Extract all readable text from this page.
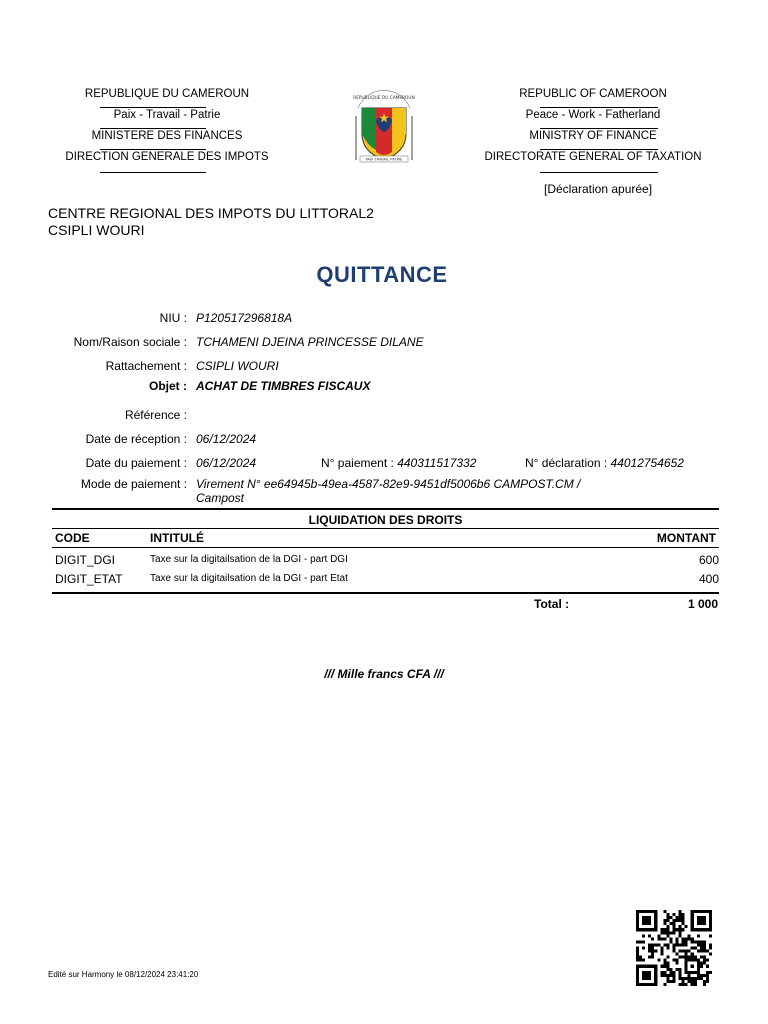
REPUBLIQUE DU CAMEROUN
Paix - Travail - Patrie
MINISTERE DES FINANCES
DIRECTION GENERALE DES IMPOTS
REPUBLIQUE DU CAMEROUN
PAIX TRAVAIL PATRIE
REPUBLIC OF CAMEROON
Peace - Work - Fatherland
MINISTRY OF FINANCE
DIRECTORATE GENERAL OF TAXATION
[Déclaration apurée]
CENTRE REGIONAL DES IMPOTS DU LITTORAL2
CSIPLI WOURI
QUITTANCE
NIU : P120517296818A
Nom/Raison sociale : TCHAMENI DJEINA PRINCESSE DILANE
Rattachement : CSIPLI WOURI
Objet : ACHAT DE TIMBRES FISCAUX
Référence :
Date de réception : 06/12/2024
Date du paiement : 06/12/2024	N° paiement : 440311517332	N° déclaration : 44012754652
Mode de paiement : Virement N° ee64945b-49ea-4587-82e9-9451df5006b6 CAMPOST.CM /
Campost
LIQUIDATION DES DROITS
CODE	INTITULÉ	MONTANT
DIGIT_DGI	Taxe sur la digitailsation de la DGI - part DGI	600
DIGIT_ETAT	Taxe sur la digitailsation de la DGI - part Etat	400
Total :	1 000
/// Mille francs CFA ///
Edité sur Harmony le 08/12/2024 23:41:20
